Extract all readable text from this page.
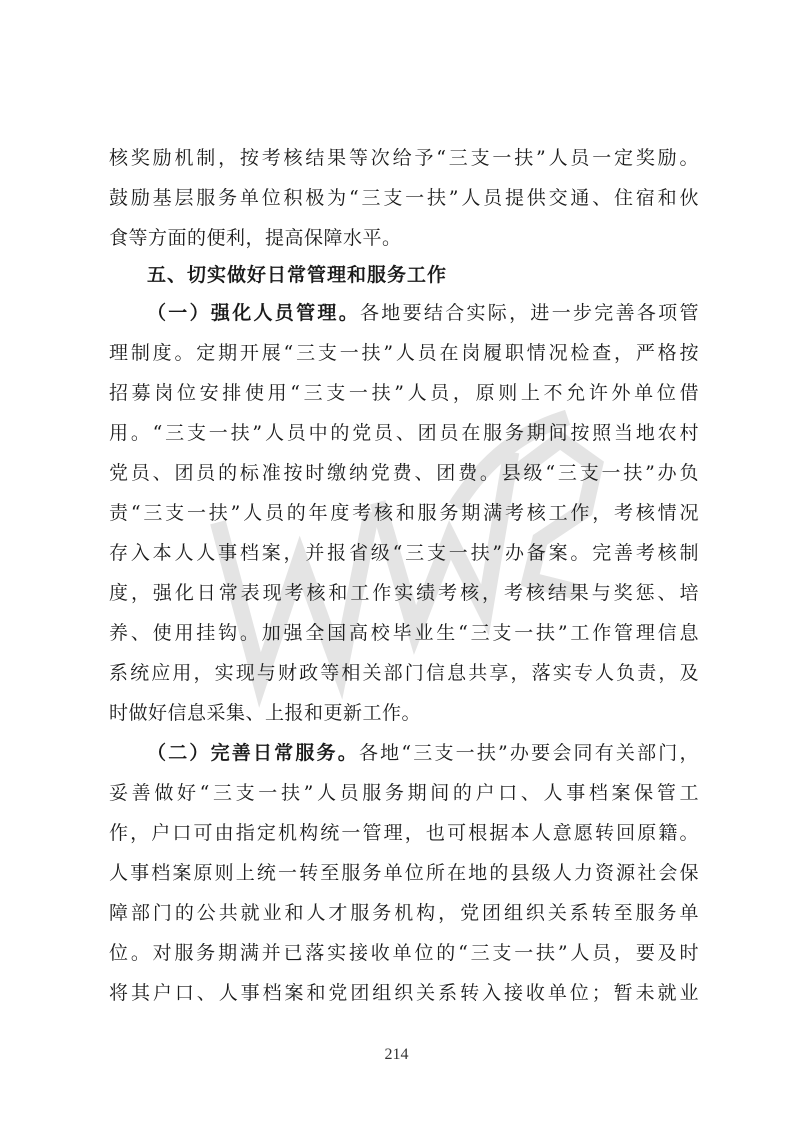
核奖励机制，按考核结果等次给予“三支一扶”人员一定奖励。
鼓励基层服务单位积极为“三支一扶”人员提供交通、住宿和伙
食等方面的便利，提高保障水平。
五、切实做好日常管理和服务工作
（一）强化人员管理。各地要结合实际，进一步完善各项管
理制度。定期开展“三支一扶”人员在岗履职情况检查，严格按
招募岗位安排使用“三支一扶”人员，原则上不允许外单位借
用。“三支一扶”人员中的党员、团员在服务期间按照当地农村
党员、团员的标准按时缴纳党费、团费。县级“三支一扶”办负
责“三支一扶”人员的年度考核和服务期满考核工作，考核情况
存入本人人事档案，并报省级“三支一扶”办备案。完善考核制
度，强化日常表现考核和工作实绩考核，考核结果与奖惩、培
养、使用挂钩。加强全国高校毕业生“三支一扶”工作管理信息
系统应用，实现与财政等相关部门信息共享，落实专人负责，及
时做好信息采集、上报和更新工作。
（二）完善日常服务。各地“三支一扶”办要会同有关部门，
妥善做好“三支一扶”人员服务期间的户口、人事档案保管工
作，户口可由指定机构统一管理，也可根据本人意愿转回原籍。
人事档案原则上统一转至服务单位所在地的县级人力资源社会保
障部门的公共就业和人才服务机构，党团组织关系转至服务单
位。对服务期满并已落实接收单位的“三支一扶”人员，要及时
将其户口、人事档案和党团组织关系转入接收单位；暂未就业
214
